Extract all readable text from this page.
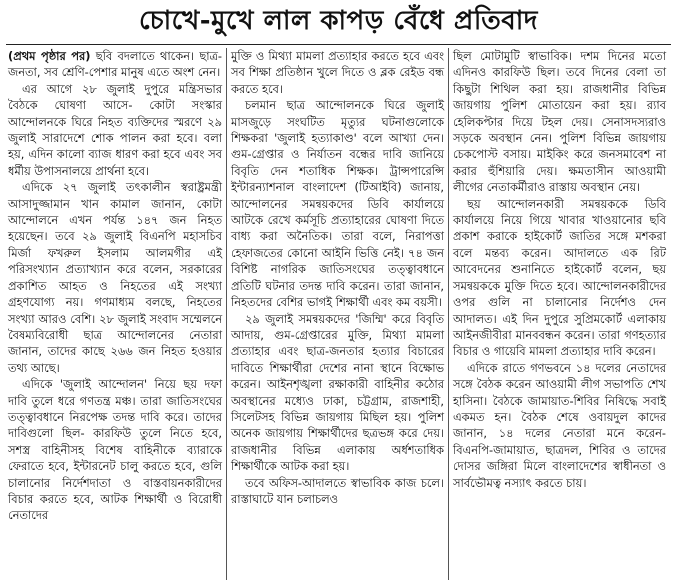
চোখে-মুখে লাল কাপড় বেঁধে প্রতিবাদ

(প্রথম পৃষ্ঠার পর) ছবি বদলাতে থাকেন। ছাত্র-জনতা, সব শ্রেণি-পেশার মানুষ এতে অংশ নেন।

এর আগে ২৮ জুলাই দুপুরে মন্ত্রিসভার বৈঠকে ঘোষণা আসে- কোটা সংস্কার আন্দোলনকে ঘিরে নিহত ব্যক্তিদের স্মরণে ২৯ জুলাই সারাদেশে শোক পালন করা হবে। বলা হয়, এদিন কালো ব্যাজ ধারণ করা হবে এবং সব ধর্মীয় উপাসনালয়ে প্রার্থনা হবে।

এদিকে ২৭ জুলাই তৎকালীন স্বরাষ্ট্রমন্ত্রী আসাদুজ্জামান খান কামাল জানান, কোটা আন্দোলনে এখন পর্যন্ত ১৪৭ জন নিহত হয়েছেন। তবে ২৯ জুলাই বিএনপি মহাসচিব মির্জা ফখরুল ইসলাম আলমগীর এই পরিসংখ্যান প্রত্যাখ্যান করে বলেন, সরকারের প্রকাশিত আহত ও নিহতের এই সংখ্যা গ্রহণযোগ্য নয়। গণমাধ্যম বলছে, নিহতের সংখ্যা আরও বেশি। ২৮ জুলাই সংবাদ সম্মেলনে বৈষম্যবিরোধী ছাত্র আন্দোলনের নেতারা জানান, তাদের কাছে ২৬৬ জন নিহত হওয়ার তথ্য আছে।

এদিকে 'জুলাই আন্দোলন' নিয়ে ছয় দফা দাবি তুলে ধরে গণতন্ত্র মঞ্চ। তারা জাতিসংঘের তত্ত্বাবধানে নিরপেক্ষ তদন্ত দাবি করে। তাদের দাবিগুলো ছিল- কারফিউ তুলে নিতে হবে, সশস্ত্র বাহিনীসহ বিশেষ বাহিনীকে ব্যারাকে ফেরাতে হবে, ইন্টারনেট চালু করতে হবে, গুলি চালানোর নির্দেশদাতা ও বাস্তবায়নকারীদের বিচার করতে হবে, আটক শিক্ষার্থী ও বিরোধী নেতাদের

মুক্তি ও মিথ্যা মামলা প্রত্যাহার করতে হবে এবং সব শিক্ষা প্রতিষ্ঠান খুলে দিতে ও ব্লক রেইড বন্ধ করতে হবে।

চলমান ছাত্র আন্দোলনকে ঘিরে জুলাই মাসজুড়ে সংঘটিত মৃত্যুর ঘটনাগুলোকে শিক্ষকরা 'জুলাই হত্যাকাণ্ড' বলে আখ্যা দেন। গুম-গ্রেপ্তার ও নির্যাতন বন্ধের দাবি জানিয়ে বিবৃতি দেন শতাধিক শিক্ষক। ট্রান্সপারেন্সি ইন্টারন্যাশনাল বাংলাদেশ (টিআইবি) জানায়, আন্দোলনের সমন্বয়কদের ডিবি কার্যালয়ে আটকে রেখে কর্মসূচি প্রত্যাহারের ঘোষণা দিতে বাধ্য করা অনৈতিক। তারা বলে, নিরাপত্তা হেফাজতের কোনো আইনি ভিত্তি নেই। ৭৪ জন বিশিষ্ট নাগরিক জাতিসংঘের তত্ত্বাবধানে প্রতিটি ঘটনার তদন্ত দাবি করেন। তারা জানান, নিহতদের বেশির ভাগই শিক্ষার্থী এবং কম বয়সী।

২৯ জুলাই সমন্বয়কদের 'জিম্মি' করে বিবৃতি আদায়, গুম-গ্রেপ্তারের মুক্তি, মিথ্যা মামলা প্রত্যাহার এবং ছাত্র-জনতার হত্যার বিচারের দাবিতে শিক্ষার্থীরা দেশের নানা স্থানে বিক্ষোভ করেন। আইনশৃঙ্খলা রক্ষাকারী বাহিনীর কঠোর অবস্থানের মধ্যেও ঢাকা, চট্টগ্রাম, রাজশাহী, সিলেটসহ বিভিন্ন জায়গায় মিছিল হয়। পুলিশ অনেক জায়গায় শিক্ষার্থীদের ছত্রভঙ্গ করে দেয়। রাজধানীর বিভিন্ন এলাকায় অর্ধশতাধিক শিক্ষার্থীকে আটক করা হয়।

তবে অফিস-আদালতে স্বাভাবিক কাজ চলে। রাস্তাঘাটে যান চলাচলও

ছিল মোটামুটি স্বাভাবিক। দশম দিনের মতো এদিনও কারফিউ ছিল। তবে দিনের বেলা তা কিছুটা শিথিল করা হয়। রাজধানীর বিভিন্ন জায়গায় পুলিশ মোতায়েন করা হয়। র‍্যাব হেলিকপ্টার দিয়ে টহল দেয়। সেনাসদস্যরাও সড়কে অবস্থান নেন। পুলিশ বিভিন্ন জায়গায় চেকপোস্ট বসায়। মাইকিং করে জনসমাবেশ না করার হুঁশিয়ারি দেয়। ক্ষমতাসীন আওয়ামী লীগের নেতাকর্মীরাও রাস্তায় অবস্থান নেয়।

ছয় আন্দোলনকারী সমন্বয়ককে ডিবি কার্যালয়ে নিয়ে গিয়ে খাবার খাওয়ানোর ছবি প্রকাশ করাকে হাইকোর্ট জাতির সঙ্গে মশকরা বলে মন্তব্য করেন। আদালতে এক রিট আবেদনের শুনানিতে হাইকোর্ট বলেন, ছয় সমন্বয়ককে মুক্তি দিতে হবে। আন্দোলনকারীদের ওপর গুলি না চালানোর নির্দেশও দেন আদালত। এই দিন দুপুরে সুপ্রিমকোর্ট এলাকায় আইনজীবীরা মানববন্ধন করেন। তারা গণহত্যার বিচার ও গায়েবি মামলা প্রত্যাহার দাবি করেন।

এদিকে রাতে গণভবনে ১৪ দলের নেতাদের সঙ্গে বৈঠক করেন আওয়ামী লীগ সভাপতি শেখ হাসিনা। বৈঠকে জামায়াত-শিবির নিষিদ্ধে সবাই একমত হন। বৈঠক শেষে ওবায়দুল কাদের জানান, ১৪ দলের নেতারা মনে করেন- বিএনপি-জামায়াত, ছাত্রদল, শিবির ও তাদের দোসর জঙ্গিরা মিলে বাংলাদেশের স্বাধীনতা ও সার্বভৌমত্ব নস্যাৎ করতে চায়।
